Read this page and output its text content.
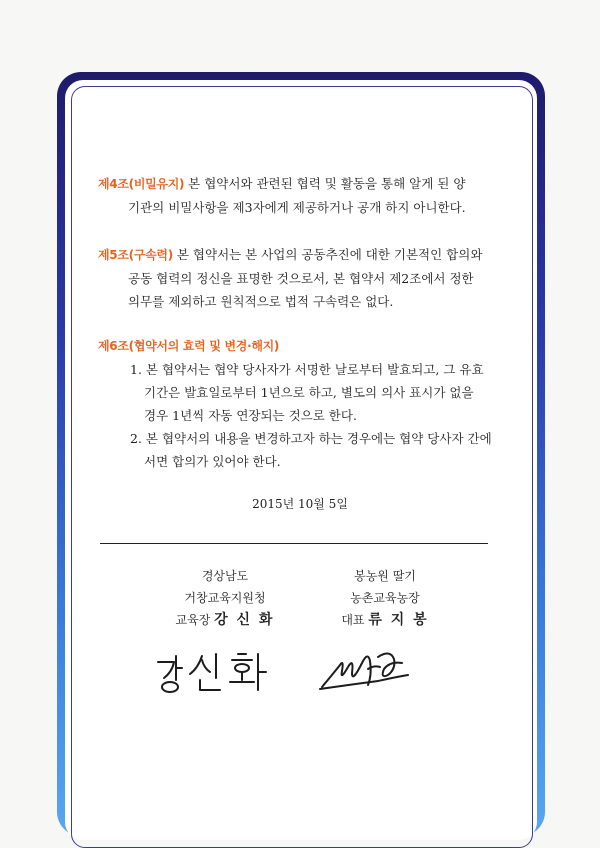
제4조(비밀유지) 본 협약서와 관련된 협력 및 활동을 통해 알게 된 양
기관의 비밀사항을 제3자에게 제공하거나 공개 하지 아니한다.
제5조(구속력) 본 협약서는 본 사업의 공동추진에 대한 기본적인 합의와
공동 협력의 정신을 표명한 것으로서, 본 협약서 제2조에서 정한
의무를 제외하고 원칙적으로 법적 구속력은 없다.
제6조(협약서의 효력 및 변경·해지)
1. 본 협약서는 협약 당사자가 서명한 날로부터 발효되고, 그 유효
기간은 발효일로부터 1년으로 하고, 별도의 의사 표시가 없을
경우 1년씩 자동 연장되는 것으로 한다.
2. 본 협약서의 내용을 변경하고자 하는 경우에는 협약 당사자 간에
서면 합의가 있어야 한다.
2015년 10월 5일
경상남도
거창교육지원청
교육장 강 신 화
봉농원 딸기
농촌교육농장
대표 류 지 봉
